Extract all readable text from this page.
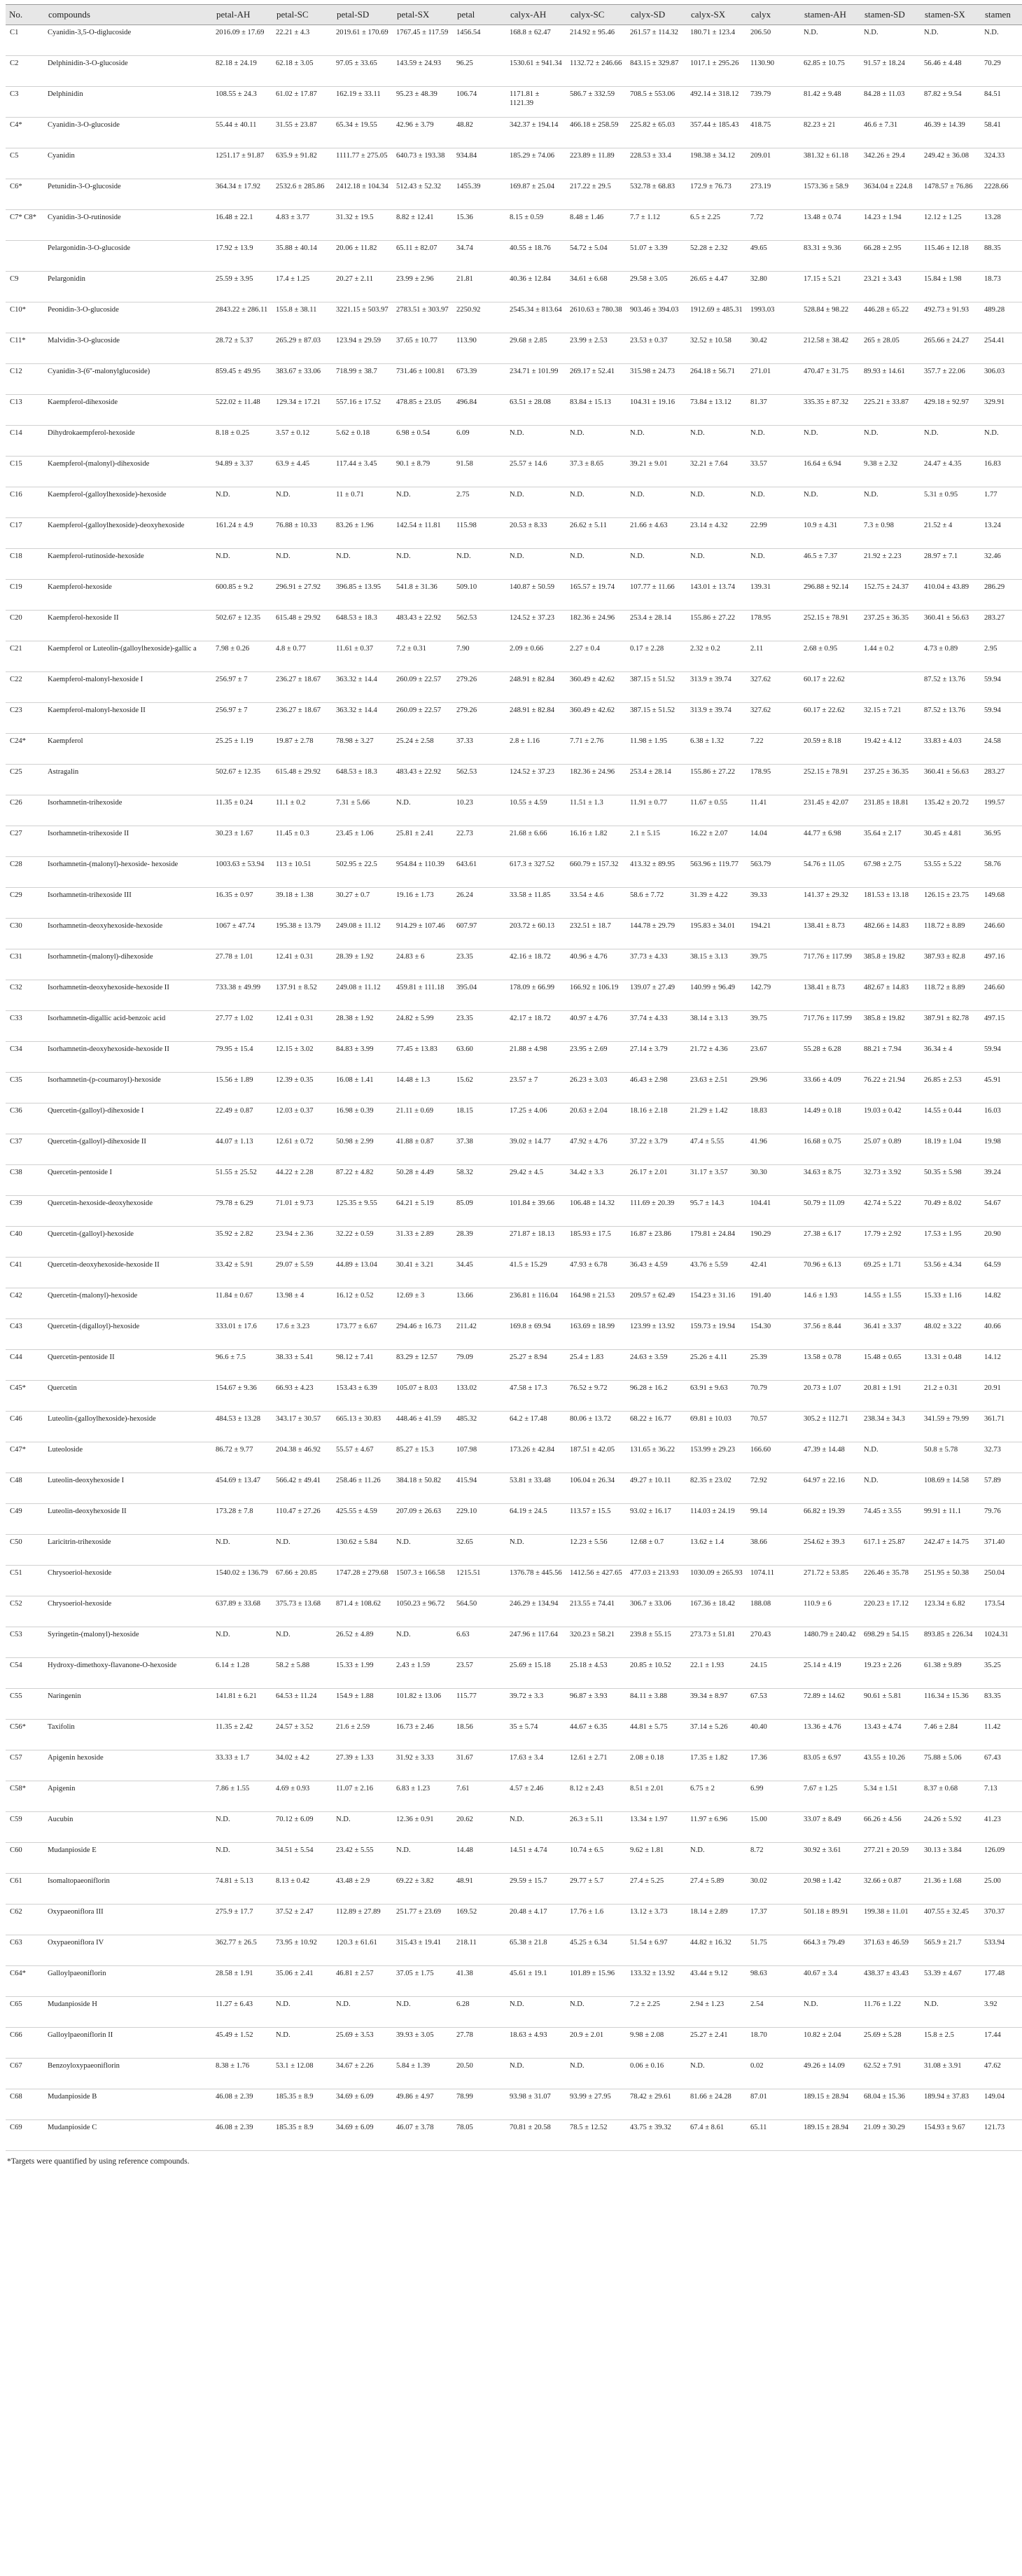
No.	compounds	petal-AH	petal-SC	petal-SD	petal-SX	petal	calyx-AH	calyx-SC	calyx-SD	calyx-SX	calyx	stamen-AH	stamen-SD	stamen-SX	stamen
C1	Cyanidin-3,5-O-diglucoside	2016.09 ± 17.69	22.21 ± 4.3	2019.61 ± 170.69	1767.45 ± 117.59	1456.54	168.8 ± 62.47	214.92 ± 95.46	261.57 ± 114.32	180.71 ± 123.4	206.50	N.D.	N.D.	N.D.	N.D.
C2	Delphinidin-3-O-glucoside	82.18 ± 24.19	62.18 ± 3.05	97.05 ± 33.65	143.59 ± 24.93	96.25	1530.61 ± 941.34	1132.72 ± 246.66	843.15 ± 329.87	1017.1 ± 295.26	1130.90	62.85 ± 10.75	91.57 ± 18.24	56.46 ± 4.48	70.29
C3	Delphinidin	108.55 ± 24.3	61.02 ± 17.87	162.19 ± 33.11	95.23 ± 48.39	106.74	1171.81 ± 1121.39	586.7 ± 332.59	708.5 ± 553.06	492.14 ± 318.12	739.79	81.42 ± 9.48	84.28 ± 11.03	87.82 ± 9.54	84.51
C4*	Cyanidin-3-O-glucoside	55.44 ± 40.11	31.55 ± 23.87	65.34 ± 19.55	42.96 ± 3.79	48.82	342.37 ± 194.14	466.18 ± 258.59	225.82 ± 65.03	357.44 ± 185.43	418.75	82.23 ± 21	46.6 ± 7.31	46.39 ± 14.39	58.41
C5	Cyanidin	1251.17 ± 91.87	635.9 ± 91.82	1111.77 ± 275.05	640.73 ± 193.38	934.84	185.29 ± 74.06	223.89 ± 11.89	228.53 ± 33.4	198.38 ± 34.12	209.01	381.32 ± 61.18	342.26 ± 29.4	249.42 ± 36.08	324.33
C6*	Petunidin-3-O-glucoside	364.34 ± 17.92	2532.6 ± 285.86	2412.18 ± 104.34	512.43 ± 52.32	1455.39	169.87 ± 25.04	217.22 ± 29.5	532.78 ± 68.83	172.9 ± 76.73	273.19	1573.36 ± 58.9	3634.04 ± 224.8	1478.57 ± 76.86	2228.66
C7* C8*	Cyanidin-3-O-rutinoside	16.48 ± 22.1	4.83 ± 3.77	31.32 ± 19.5	8.82 ± 12.41	15.36	8.15 ± 0.59	8.48 ± 1.46	7.7 ± 1.12	6.5 ± 2.25	7.72	13.48 ± 0.74	14.23 ± 1.94	12.12 ± 1.25	13.28
	Pelargonidin-3-O-glucoside	17.92 ± 13.9	35.88 ± 40.14	20.06 ± 11.82	65.11 ± 82.07	34.74	40.55 ± 18.76	54.72 ± 5.04	51.07 ± 3.39	52.28 ± 2.32	49.65	83.31 ± 9.36	66.28 ± 2.95	115.46 ± 12.18	88.35
C9	Pelargonidin	25.59 ± 3.95	17.4 ± 1.25	20.27 ± 2.11	23.99 ± 2.96	21.81	40.36 ± 12.84	34.61 ± 6.68	29.58 ± 3.05	26.65 ± 4.47	32.80	17.15 ± 5.21	23.21 ± 3.43	15.84 ± 1.98	18.73
C10*	Peonidin-3-O-glucoside	2843.22 ± 286.11	155.8 ± 38.11	3221.15 ± 503.97	2783.51 ± 303.97	2250.92	2545.34 ± 813.64	2610.63 ± 780.38	903.46 ± 394.03	1912.69 ± 485.31	1993.03	528.84 ± 98.22	446.28 ± 65.22	492.73 ± 91.93	489.28
C11*	Malvidin-3-O-glucoside	28.72 ± 5.37	265.29 ± 87.03	123.94 ± 29.59	37.65 ± 10.77	113.90	29.68 ± 2.85	23.99 ± 2.53	23.53 ± 0.37	32.52 ± 10.58	30.42	212.58 ± 38.42	265 ± 28.05	265.66 ± 24.27	254.41
C12	Cyanidin-3-(6''-malonylglucoside)	859.45 ± 49.95	383.67 ± 33.06	718.99 ± 38.7	731.46 ± 100.81	673.39	234.71 ± 101.99	269.17 ± 52.41	315.98 ± 24.73	264.18 ± 56.71	271.01	470.47 ± 31.75	89.93 ± 14.61	357.7 ± 22.06	306.03
C13	Kaempferol-dihexoside	522.02 ± 11.48	129.34 ± 17.21	557.16 ± 17.52	478.85 ± 23.05	496.84	63.51 ± 28.08	83.84 ± 15.13	104.31 ± 19.16	73.84 ± 13.12	81.37	335.35 ± 87.32	225.21 ± 33.87	429.18 ± 92.97	329.91
C14	Dihydrokaempferol-hexoside	8.18 ± 0.25	3.57 ± 0.12	5.62 ± 0.18	6.98 ± 0.54	6.09	N.D.	N.D.	N.D.	N.D.	N.D.	N.D.	N.D.	N.D.	N.D.
C15	Kaempferol-(malonyl)-dihexoside	94.89 ± 3.37	63.9 ± 4.45	117.44 ± 3.45	90.1 ± 8.79	91.58	25.57 ± 14.6	37.3 ± 8.65	39.21 ± 9.01	32.21 ± 7.64	33.57	16.64 ± 6.94	9.38 ± 2.32	24.47 ± 4.35	16.83
C16	Kaempferol-(galloylhexoside)-hexoside	N.D.	N.D.	11 ± 0.71	N.D.	2.75	N.D.	N.D.	N.D.	N.D.	N.D.	N.D.	N.D.	5.31 ± 0.95	1.77
C17	Kaempferol-(galloylhexoside)-deoxyhexoside	161.24 ± 4.9	76.88 ± 10.33	83.26 ± 1.96	142.54 ± 11.81	115.98	20.53 ± 8.33	26.62 ± 5.11	21.66 ± 4.63	23.14 ± 4.32	22.99	10.9 ± 4.31	7.3 ± 0.98	21.52 ± 4	13.24
C18	Kaempferol-rutinoside-hexoside	N.D.	N.D.	N.D.	N.D.	N.D.	N.D.	N.D.	N.D.	N.D.	N.D.	46.5 ± 7.37	21.92 ± 2.23	28.97 ± 7.1	32.46
C19	Kaempferol-hexoside	600.85 ± 9.2	296.91 ± 27.92	396.85 ± 13.95	541.8 ± 31.36	509.10	140.87 ± 50.59	165.57 ± 19.74	107.77 ± 11.66	143.01 ± 13.74	139.31	296.88 ± 92.14	152.75 ± 24.37	410.04 ± 43.89	286.29
C20	Kaempferol-hexoside II	502.67 ± 12.35	615.48 ± 29.92	648.53 ± 18.3	483.43 ± 22.92	562.53	124.52 ± 37.23	182.36 ± 24.96	253.4 ± 28.14	155.86 ± 27.22	178.95	252.15 ± 78.91	237.25 ± 36.35	360.41 ± 56.63	283.27
C21	Kaempferol or Luteolin-(galloylhexoside)-gallic a	7.98 ± 0.26	4.8 ± 0.77	11.61 ± 0.37	7.2 ± 0.31	7.90	2.09 ± 0.66	2.27 ± 0.4	0.17 ± 2.28	2.32 ± 0.2	2.11	2.68 ± 0.95	1.44 ± 0.2	4.73 ± 0.89	2.95
C22	Kaempferol-malonyl-hexoside I	256.97 ± 7	236.27 ± 18.67	363.32 ± 14.4	260.09 ± 22.57	279.26	248.91 ± 82.84	360.49 ± 42.62	387.15 ± 51.52	313.9 ± 39.74	327.62	60.17 ± 22.62		87.52 ± 13.76	59.94
C23	Kaempferol-malonyl-hexoside II	256.97 ± 7	236.27 ± 18.67	363.32 ± 14.4	260.09 ± 22.57	279.26	248.91 ± 82.84	360.49 ± 42.62	387.15 ± 51.52	313.9 ± 39.74	327.62	60.17 ± 22.62	32.15 ± 7.21	87.52 ± 13.76	59.94
C24*	Kaempferol	25.25 ± 1.19	19.87 ± 2.78	78.98 ± 3.27	25.24 ± 2.58	37.33	2.8 ± 1.16	7.71 ± 2.76	11.98 ± 1.95	6.38 ± 1.32	7.22	20.59 ± 8.18	19.42 ± 4.12	33.83 ± 4.03	24.58
C25	Astragalin	502.67 ± 12.35	615.48 ± 29.92	648.53 ± 18.3	483.43 ± 22.92	562.53	124.52 ± 37.23	182.36 ± 24.96	253.4 ± 28.14	155.86 ± 27.22	178.95	252.15 ± 78.91	237.25 ± 36.35	360.41 ± 56.63	283.27
C26	Isorhamnetin-trihexoside	11.35 ± 0.24	11.1 ± 0.2	7.31 ± 5.66	N.D.	10.23	10.55 ± 4.59	11.51 ± 1.3	11.91 ± 0.77	11.67 ± 0.55	11.41	231.45 ± 42.07	231.85 ± 18.81	135.42 ± 20.72	199.57
C27	Isorhamnetin-trihexoside II	30.23 ± 1.67	11.45 ± 0.3	23.45 ± 1.06	25.81 ± 2.41	22.73	21.68 ± 6.66	16.16 ± 1.82	2.1 ± 5.15	16.22 ± 2.07	14.04	44.77 ± 6.98	35.64 ± 2.17	30.45 ± 4.81	36.95
C28	Isorhamnetin-(malonyl)-hexoside- hexoside	1003.63 ± 53.94	113 ± 10.51	502.95 ± 22.5	954.84 ± 110.39	643.61	617.3 ± 327.52	660.79 ± 157.32	413.32 ± 89.95	563.96 ± 119.77	563.79	54.76 ± 11.05	67.98 ± 2.75	53.55 ± 5.22	58.76
C29	Isorhamnetin-trihexoside III	16.35 ± 0.97	39.18 ± 1.38	30.27 ± 0.7	19.16 ± 1.73	26.24	33.58 ± 11.85	33.54 ± 4.6	58.6 ± 7.72	31.39 ± 4.22	39.33	141.37 ± 29.32	181.53 ± 13.18	126.15 ± 23.75	149.68
C30	Isorhamnetin-deoxyhexoside-hexoside	1067 ± 47.74	195.38 ± 13.79	249.08 ± 11.12	914.29 ± 107.46	607.97	203.72 ± 60.13	232.51 ± 18.7	144.78 ± 29.79	195.83 ± 34.01	194.21	138.41 ± 8.73	482.66 ± 14.83	118.72 ± 8.89	246.60
C31	Isorhamnetin-(malonyl)-dihexoside	27.78 ± 1.01	12.41 ± 0.31	28.39 ± 1.92	24.83 ± 6	23.35	42.16 ± 18.72	40.96 ± 4.76	37.73 ± 4.33	38.15 ± 3.13	39.75	717.76 ± 117.99	385.8 ± 19.82	387.93 ± 82.8	497.16
C32	Isorhamnetin-deoxyhexoside-hexoside II	733.38 ± 49.99	137.91 ± 8.52	249.08 ± 11.12	459.81 ± 111.18	395.04	178.09 ± 66.99	166.92 ± 106.19	139.07 ± 27.49	140.99 ± 96.49	142.79	138.41 ± 8.73	482.67 ± 14.83	118.72 ± 8.89	246.60
C33	Isorhamnetin-digallic acid-benzoic acid	27.77 ± 1.02	12.41 ± 0.31	28.38 ± 1.92	24.82 ± 5.99	23.35	42.17 ± 18.72	40.97 ± 4.76	37.74 ± 4.33	38.14 ± 3.13	39.75	717.76 ± 117.99	385.8 ± 19.82	387.91 ± 82.78	497.15
C34	Isorhamnetin-deoxyhexoside-hexoside II	79.95 ± 15.4	12.15 ± 3.02	84.83 ± 3.99	77.45 ± 13.83	63.60	21.88 ± 4.98	23.95 ± 2.69	27.14 ± 3.79	21.72 ± 4.36	23.67	55.28 ± 6.28	88.21 ± 7.94	36.34 ± 4	59.94
C35	Isorhamnetin-(p-coumaroyl)-hexoside	15.56 ± 1.89	12.39 ± 0.35	16.08 ± 1.41	14.48 ± 1.3	15.62	23.57 ± 7	26.23 ± 3.03	46.43 ± 2.98	23.63 ± 2.51	29.96	33.66 ± 4.09	76.22 ± 21.94	26.85 ± 2.53	45.91
C36	Quercetin-(galloyl)-dihexoside I	22.49 ± 0.87	12.03 ± 0.37	16.98 ± 0.39	21.11 ± 0.69	18.15	17.25 ± 4.06	20.63 ± 2.04	18.16 ± 2.18	21.29 ± 1.42	18.83	14.49 ± 0.18	19.03 ± 0.42	14.55 ± 0.44	16.03
C37	Quercetin-(galloyl)-dihexoside II	44.07 ± 1.13	12.61 ± 0.72	50.98 ± 2.99	41.88 ± 0.87	37.38	39.02 ± 14.77	47.92 ± 4.76	37.22 ± 3.79	47.4 ± 5.55	41.96	16.68 ± 0.75	25.07 ± 0.89	18.19 ± 1.04	19.98
C38	Quercetin-pentoside I	51.55 ± 25.52	44.22 ± 2.28	87.22 ± 4.82	50.28 ± 4.49	58.32	29.42 ± 4.5	34.42 ± 3.3	26.17 ± 2.01	31.17 ± 3.57	30.30	34.63 ± 8.75	32.73 ± 3.92	50.35 ± 5.98	39.24
C39	Quercetin-hexoside-deoxyhexoside	79.78 ± 6.29	71.01 ± 9.73	125.35 ± 9.55	64.21 ± 5.19	85.09	101.84 ± 39.66	106.48 ± 14.32	111.69 ± 20.39	95.7 ± 14.3	104.41	50.79 ± 11.09	42.74 ± 5.22	70.49 ± 8.02	54.67
C40	Quercetin-(galloyl)-hexoside	35.92 ± 2.82	23.94 ± 2.36	32.22 ± 0.59	31.33 ± 2.89	28.39	271.87 ± 18.13	185.93 ± 17.5	16.87 ± 23.86	179.81 ± 24.84	190.29	27.38 ± 6.17	17.79 ± 2.92	17.53 ± 1.95	20.90
C41	Quercetin-deoxyhexoside-hexoside II	33.42 ± 5.91	29.07 ± 5.59	44.89 ± 13.04	30.41 ± 3.21	34.45	41.5 ± 15.29	47.93 ± 6.78	36.43 ± 4.59	43.76 ± 5.59	42.41	70.96 ± 6.13	69.25 ± 1.71	53.56 ± 4.34	64.59
C42	Quercetin-(malonyl)-hexoside	11.84 ± 0.67	13.98 ± 4	16.12 ± 0.52	12.69 ± 3	13.66	236.81 ± 116.04	164.98 ± 21.53	209.57 ± 62.49	154.23 ± 31.16	191.40	14.6 ± 1.93	14.55 ± 1.55	15.33 ± 1.16	14.82
C43	Quercetin-(digalloyl)-hexoside	333.01 ± 17.6	17.6 ± 3.23	173.77 ± 6.67	294.46 ± 16.73	211.42	169.8 ± 69.94	163.69 ± 18.99	123.99 ± 13.92	159.73 ± 19.94	154.30	37.56 ± 8.44	36.41 ± 3.37	48.02 ± 3.22	40.66
C44	Quercetin-pentoside II	96.6 ± 7.5	38.33 ± 5.41	98.12 ± 7.41	83.29 ± 12.57	79.09	25.27 ± 8.94	25.4 ± 1.83	24.63 ± 3.59	25.26 ± 4.11	25.39	13.58 ± 0.78	15.48 ± 0.65	13.31 ± 0.48	14.12
C45*	Quercetin	154.67 ± 9.36	66.93 ± 4.23	153.43 ± 6.39	105.07 ± 8.03	133.02	47.58 ± 17.3	76.52 ± 9.72	96.28 ± 16.2	63.91 ± 9.63	70.79	20.73 ± 1.07	20.81 ± 1.91	21.2 ± 0.31	20.91
C46	Luteolin-(galloylhexoside)-hexoside	484.53 ± 13.28	343.17 ± 30.57	665.13 ± 30.83	448.46 ± 41.59	485.32	64.2 ± 17.48	80.06 ± 13.72	68.22 ± 16.77	69.81 ± 10.03	70.57	305.2 ± 112.71	238.34 ± 34.3	341.59 ± 79.99	361.71
C47*	Luteoloside	86.72 ± 9.77	204.38 ± 46.92	55.57 ± 4.67	85.27 ± 15.3	107.98	173.26 ± 42.84	187.51 ± 42.05	131.65 ± 36.22	153.99 ± 29.23	166.60	47.39 ± 14.48	N.D.	50.8 ± 5.78	32.73
C48	Luteolin-deoxyhexoside I	454.69 ± 13.47	566.42 ± 49.41	258.46 ± 11.26	384.18 ± 50.82	415.94	53.81 ± 33.48	106.04 ± 26.34	49.27 ± 10.11	82.35 ± 23.02	72.92	64.97 ± 22.16	N.D.	108.69 ± 14.58	57.89
C49	Luteolin-deoxyhexoside II	173.28 ± 7.8	110.47 ± 27.26	425.55 ± 4.59	207.09 ± 26.63	229.10	64.19 ± 24.5	113.57 ± 15.5	93.02 ± 16.17	114.03 ± 24.19	99.14	66.82 ± 19.39	74.45 ± 3.55	99.91 ± 11.1	79.76
C50	Laricitrin-trihexoside	N.D.	N.D.	130.62 ± 5.84	N.D.	32.65	N.D.	12.23 ± 5.56	12.68 ± 0.7	13.62 ± 1.4	38.66	254.62 ± 39.3	617.1 ± 25.87	242.47 ± 14.75	371.40
C51	Chrysoeriol-hexoside	1540.02 ± 136.79	67.66 ± 20.85	1747.28 ± 279.68	1507.3 ± 166.58	1215.51	1376.78 ± 445.56	1412.56 ± 427.65	477.03 ± 213.93	1030.09 ± 265.93	1074.11	271.72 ± 53.85	226.46 ± 35.78	251.95 ± 50.38	250.04
C52	Chrysoeriol-hexoside	637.89 ± 33.68	375.73 ± 13.68	871.4 ± 108.62	1050.23 ± 96.72	564.50	246.29 ± 134.94	213.55 ± 74.41	306.7 ± 33.06	167.36 ± 18.42	188.08	110.9 ± 6	220.23 ± 17.12	123.34 ± 6.82	173.54
C53	Syringetin-(malonyl)-hexoside	N.D.	N.D.	26.52 ± 4.89	N.D.	6.63	247.96 ± 117.64	320.23 ± 58.21	239.8 ± 55.15	273.73 ± 51.81	270.43	1480.79 ± 240.42	698.29 ± 54.15	893.85 ± 226.34	1024.31
C54	Hydroxy-dimethoxy-flavanone-O-hexoside	6.14 ± 1.28	58.2 ± 5.88	15.33 ± 1.99	2.43 ± 1.59	23.57	25.69 ± 15.18	25.18 ± 4.53	20.85 ± 10.52	22.1 ± 1.93	24.15	25.14 ± 4.19	19.23 ± 2.26	61.38 ± 9.89	35.25
C55	Naringenin	141.81 ± 6.21	64.53 ± 11.24	154.9 ± 1.88	101.82 ± 13.06	115.77	39.72 ± 3.3	96.87 ± 3.93	84.11 ± 3.88	39.34 ± 8.97	67.53	72.89 ± 14.62	90.61 ± 5.81	116.34 ± 15.36	83.35
C56*	Taxifolin	11.35 ± 2.42	24.57 ± 3.52	21.6 ± 2.59	16.73 ± 2.46	18.56	35 ± 5.74	44.67 ± 6.35	44.81 ± 5.75	37.14 ± 5.26	40.40	13.36 ± 4.76	13.43 ± 4.74	7.46 ± 2.84	11.42
C57	Apigenin hexoside	33.33 ± 1.7	34.02 ± 4.2	27.39 ± 1.33	31.92 ± 3.33	31.67	17.63 ± 3.4	12.61 ± 2.71	2.08 ± 0.18	17.35 ± 1.82	17.36	83.05 ± 6.97	43.55 ± 10.26	75.88 ± 5.06	67.43
C58*	Apigenin	7.86 ± 1.55	4.69 ± 0.93	11.07 ± 2.16	6.83 ± 1.23	7.61	4.57 ± 2.46	8.12 ± 2.43	8.51 ± 2.01	6.75 ± 2	6.99	7.67 ± 1.25	5.34 ± 1.51	8.37 ± 0.68	7.13
C59	Aucubin	N.D.	70.12 ± 6.09	N.D.	12.36 ± 0.91	20.62	N.D.	26.3 ± 5.11	13.34 ± 1.97	11.97 ± 6.96	15.00	33.07 ± 8.49	66.26 ± 4.56	24.26 ± 5.92	41.23
C60	Mudanpioside E	N.D.	34.51 ± 5.54	23.42 ± 5.55	N.D.	14.48	14.51 ± 4.74	10.74 ± 6.5	9.62 ± 1.81	N.D.	8.72	30.92 ± 3.61	277.21 ± 20.59	30.13 ± 3.84	126.09
C61	Isomaltopaeoniflorin	74.81 ± 5.13	8.13 ± 0.42	43.48 ± 2.9	69.22 ± 3.82	48.91	29.59 ± 15.7	29.77 ± 5.7	27.4 ± 5.25	27.4 ± 5.89	30.02	20.98 ± 1.42	32.66 ± 0.87	21.36 ± 1.68	25.00
C62	Oxypaeoniflora III	275.9 ± 17.7	37.52 ± 2.47	112.89 ± 27.89	251.77 ± 23.69	169.52	20.48 ± 4.17	17.76 ± 1.6	13.12 ± 3.73	18.14 ± 2.89	17.37	501.18 ± 89.91	199.38 ± 11.01	407.55 ± 32.45	370.37
C63	Oxypaeoniflora IV	362.77 ± 26.5	73.95 ± 10.92	120.3 ± 61.61	315.43 ± 19.41	218.11	65.38 ± 21.8	45.25 ± 6.34	51.54 ± 6.97	44.82 ± 16.32	51.75	664.3 ± 79.49	371.63 ± 46.59	565.9 ± 21.7	533.94
C64*	Galloylpaeoniflorin	28.58 ± 1.91	35.06 ± 2.41	46.81 ± 2.57	37.05 ± 1.75	41.38	45.61 ± 19.1	101.89 ± 15.96	133.32 ± 13.92	43.44 ± 9.12	98.63	40.67 ± 3.4	438.37 ± 43.43	53.39 ± 4.67	177.48
C65	Mudanpioside H	11.27 ± 6.43	N.D.	N.D.	N.D.	6.28	N.D.	N.D.	7.2 ± 2.25	2.94 ± 1.23	2.54	N.D.	11.76 ± 1.22	N.D.	3.92
C66	Galloylpaeoniflorin II	45.49 ± 1.52	N.D.	25.69 ± 3.53	39.93 ± 3.05	27.78	18.63 ± 4.93	20.9 ± 2.01	9.98 ± 2.08	25.27 ± 2.41	18.70	10.82 ± 2.04	25.69 ± 5.28	15.8 ± 2.5	17.44
C67	Benzoyloxypaeoniflorin	8.38 ± 1.76	53.1 ± 12.08	34.67 ± 2.26	5.84 ± 1.39	20.50	N.D.	N.D.	0.06 ± 0.16	N.D.	0.02	49.26 ± 14.09	62.52 ± 7.91	31.08 ± 3.91	47.62
C68	Mudanpioside B	46.08 ± 2.39	185.35 ± 8.9	34.69 ± 6.09	49.86 ± 4.97	78.99	93.98 ± 31.07	93.99 ± 27.95	78.42 ± 29.61	81.66 ± 24.28	87.01	189.15 ± 28.94	68.04 ± 15.36	189.94 ± 37.83	149.04
C69	Mudanpioside C	46.08 ± 2.39	185.35 ± 8.9	34.69 ± 6.09	46.07 ± 3.78	78.05	70.81 ± 20.58	78.5 ± 12.52	43.75 ± 39.32	67.4 ± 8.61	65.11	189.15 ± 28.94	21.09 ± 30.29	154.93 ± 9.67	121.73
*Targets were quantified by using reference compounds.
